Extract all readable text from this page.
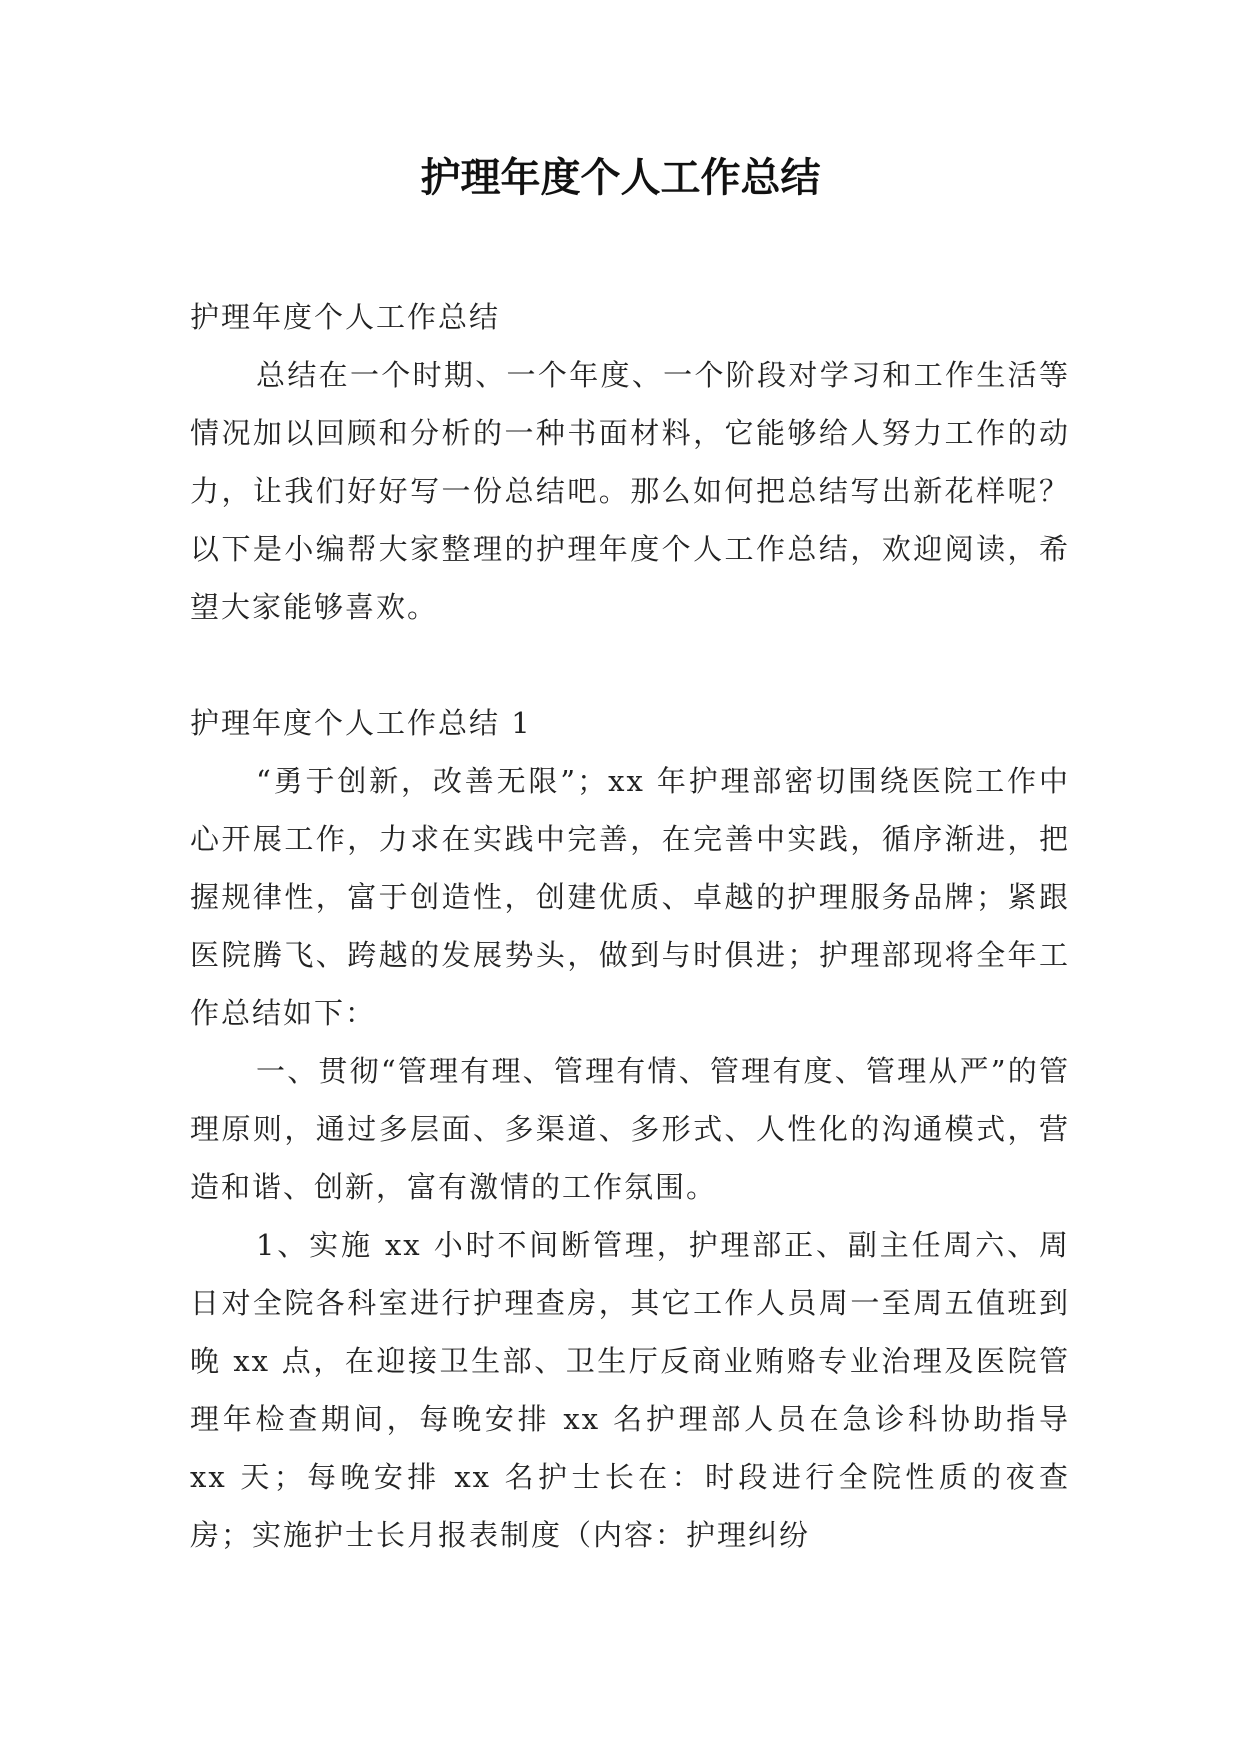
护理年度个人工作总结

护理年度个人工作总结

总结在一个时期、一个年度、一个阶段对学习和工作生活等情况加以回顾和分析的一种书面材料，它能够给人努力工作的动力，让我们好好写一份总结吧。那么如何把总结写出新花样呢？以下是小编帮大家整理的护理年度个人工作总结，欢迎阅读，希望大家能够喜欢。

护理年度个人工作总结 1

“勇于创新，改善无限”；xx 年护理部密切围绕医院工作中心开展工作，力求在实践中完善，在完善中实践，循序渐进，把握规律性，富于创造性，创建优质、卓越的护理服务品牌；紧跟医院腾飞、跨越的发展势头，做到与时俱进；护理部现将全年工作总结如下：

一、贯彻“管理有理、管理有情、管理有度、管理从严”的管理原则，通过多层面、多渠道、多形式、人性化的沟通模式，营造和谐、创新，富有激情的工作氛围。

1、实施 xx 小时不间断管理，护理部正、副主任周六、周日对全院各科室进行护理查房，其它工作人员周一至周五值班到晚 xx 点，在迎接卫生部、卫生厅反商业贿赂专业治理及医院管理年检查期间，每晚安排 xx 名护理部人员在急诊科协助指导 xx 天；每晚安排 xx 名护士长在：时段进行全院性质的夜查房；实施护士长月报表制度（内容：护理纠纷
